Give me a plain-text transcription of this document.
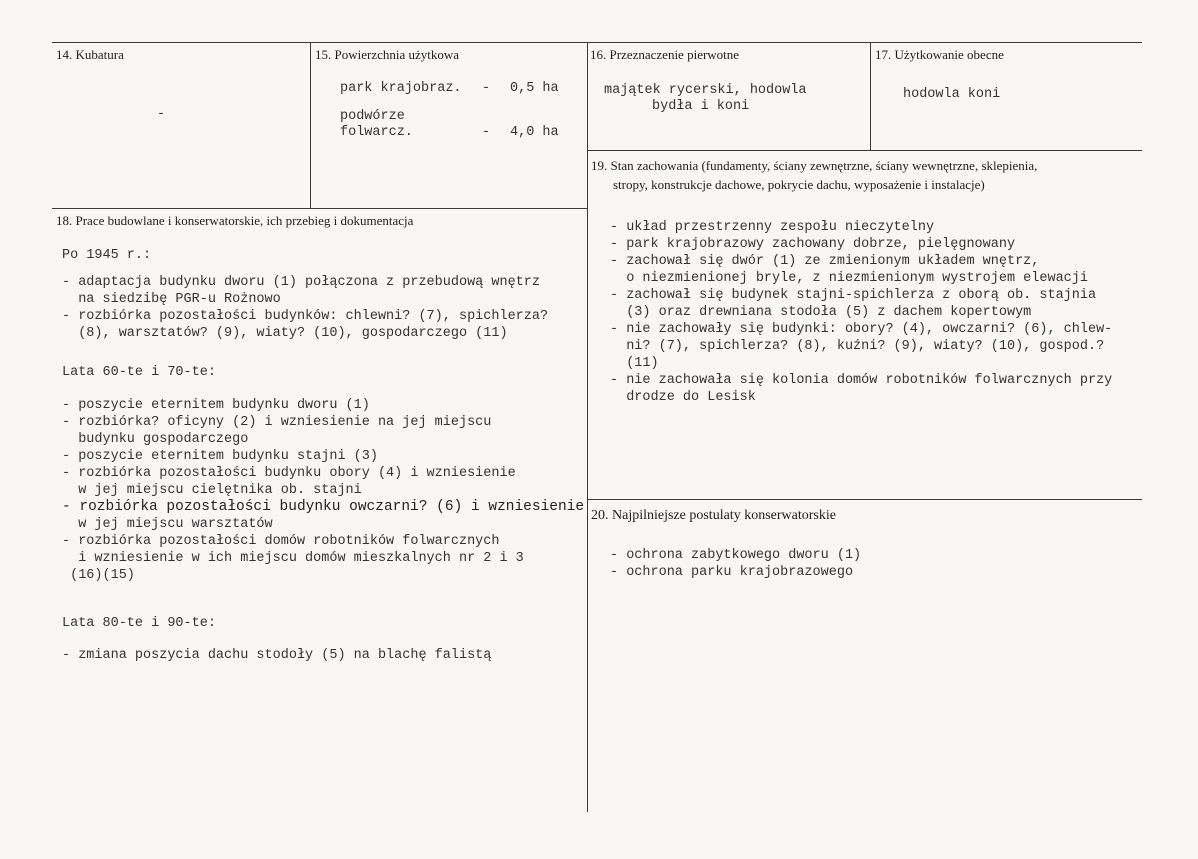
14. Kubatura
-
15. Powierzchnia użytkowa
park krajobraz. - 0,5 ha
podwórze
folwarcz.	- 4,0 ha
16. Przeznaczenie pierwotne
majątek rycerski, hodowla
bydła i koni
17. Użytkowanie obecne
hodowla koni
18. Prace budowlane i konserwatorskie, ich przebieg i dokumentacja
Po 1945 r.:
- adaptacja budynku dworu (1) połączona z przebudową wnętrz
na siedzibę PGR-u Rożnowo
- rozbiórka pozostałości budynków: chlewni? (7), spichlerza?
(8), warsztatów? (9), wiaty? (10), gospodarczego (11)
Lata 60-te i 70-te:
- poszycie eternitem budynku dworu (1)
- rozbiórka? oficyny (2) i wzniesienie na jej miejscu
budynku gospodarczego
- poszycie eternitem budynku stajni (3)
- rozbiórka pozostałości budynku obory (4) i wzniesienie
w jej miejscu cielętnika ob. stajni
- rozbiórka pozostałości budynku owczarni? (6) i wzniesienie
w jej miejscu warsztatów
- rozbiórka pozostałości domów robotników folwarcznych
i wzniesienie w ich miejscu domów mieszkalnych nr 2 i 3
(16)(15)
Lata 80-te i 90-te:
- zmiana poszycia dachu stodoły (5) na blachę falistą
19. Stan zachowania (fundamenty, ściany zewnętrzne, ściany wewnętrzne, sklepienia,
stropy, konstrukcje dachowe, pokrycie dachu, wyposażenie i instalacje)
- układ przestrzenny zespołu nieczytelny
- park krajobrazowy zachowany dobrze, pielęgnowany
- zachował się dwór (1) ze zmienionym układem wnętrz,
o niezmienionej bryle, z niezmienionym wystrojem elewacji
- zachował się budynek stajni-spichlerza z oborą ob. stajnia
(3) oraz drewniana stodoła (5) z dachem kopertowym
- nie zachowały się budynki: obory? (4), owczarni? (6), chlew-
ni? (7), spichlerza? (8), kuźni? (9), wiaty? (10), gospod.?
(11)
- nie zachowała się kolonia domów robotników folwarcznych przy
drodze do Lesisk
20. Najpilniejsze postulaty konserwatorskie
- ochrona zabytkowego dworu (1)
- ochrona parku krajobrazowego
